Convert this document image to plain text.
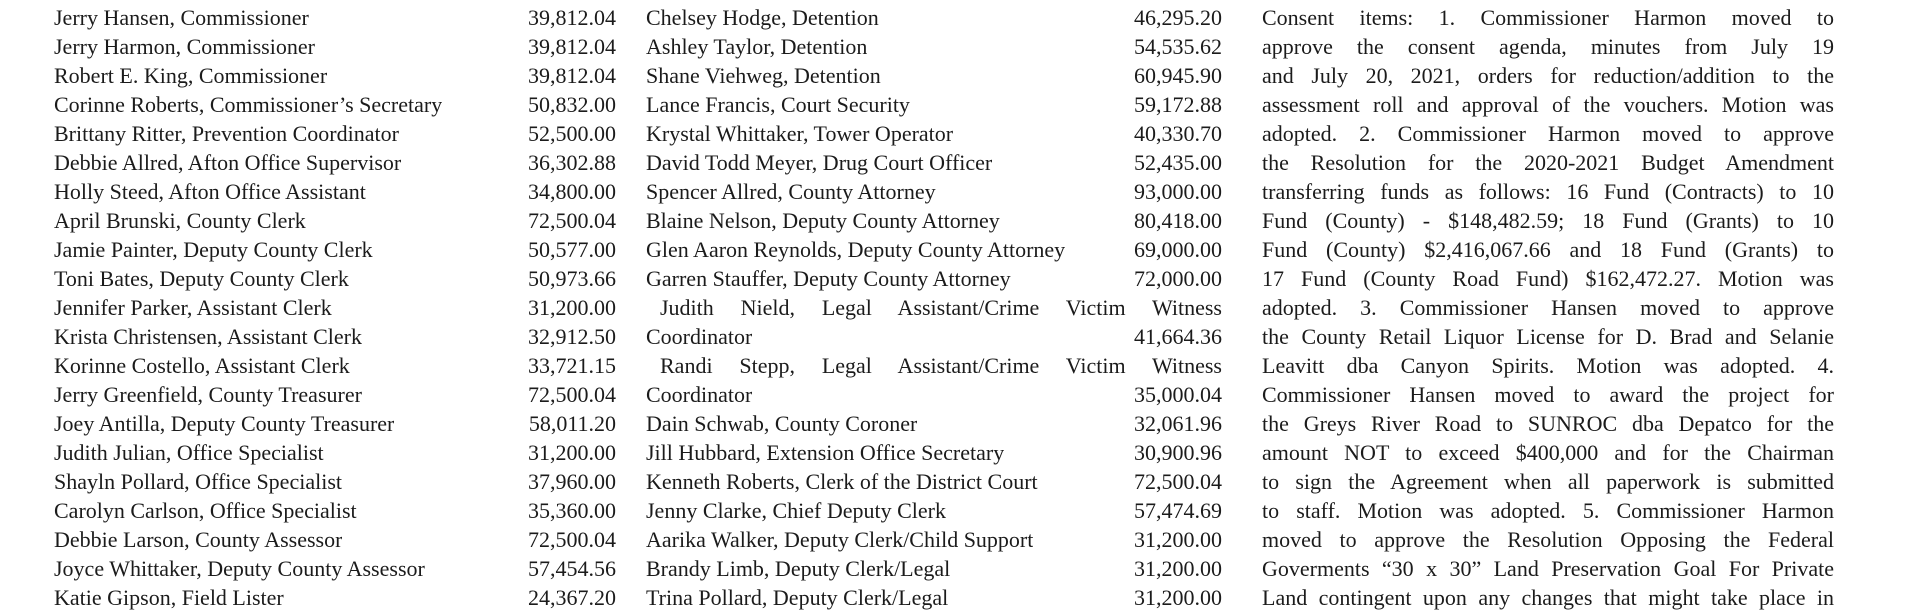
Jerry Hansen, Commissioner	39,812.04
Jerry Harmon, Commissioner	39,812.04
Robert E. King, Commissioner	39,812.04
Corinne Roberts, Commissioner’s Secretary	50,832.00
Brittany Ritter, Prevention Coordinator	52,500.00
Debbie Allred, Afton Office Supervisor	36,302.88
Holly Steed, Afton Office Assistant	34,800.00
April Brunski, County Clerk	72,500.04
Jamie Painter, Deputy County Clerk	50,577.00
Toni Bates, Deputy County Clerk	50,973.66
Jennifer Parker, Assistant Clerk	31,200.00
Krista Christensen, Assistant Clerk	32,912.50
Korinne Costello, Assistant Clerk	33,721.15
Jerry Greenfield, County Treasurer	72,500.04
Joey Antilla, Deputy County Treasurer	58,011.20
Judith Julian, Office Specialist	31,200.00
Shayln Pollard, Office Specialist	37,960.00
Carolyn Carlson, Office Specialist	35,360.00
Debbie Larson, County Assessor	72,500.04
Joyce Whittaker, Deputy County Assessor	57,454.56
Katie Gipson, Field Lister	24,367.20
Chelsey Hodge, Detention	46,295.20
Ashley Taylor, Detention	54,535.62
Shane Viehweg, Detention	60,945.90
Lance Francis, Court Security	59,172.88
Krystal Whittaker, Tower Operator	40,330.70
David Todd Meyer, Drug Court Officer	52,435.00
Spencer Allred, County Attorney	93,000.00
Blaine Nelson, Deputy County Attorney	80,418.00
Glen Aaron Reynolds, Deputy County Attorney	69,000.00
Garren Stauffer, Deputy County Attorney	72,000.00
Judith Nield, Legal Assistant/Crime Victim Witness
Coordinator	41,664.36
Randi Stepp, Legal Assistant/Crime Victim Witness
Coordinator	35,000.04
Dain Schwab, County Coroner	32,061.96
Jill Hubbard, Extension Office Secretary	30,900.96
Kenneth Roberts, Clerk of the District Court	72,500.04
Jenny Clarke, Chief Deputy Clerk	57,474.69
Aarika Walker, Deputy Clerk/Child Support	31,200.00
Brandy Limb, Deputy Clerk/Legal	31,200.00
Trina Pollard, Deputy Clerk/Legal	31,200.00
Consent items: 1. Commissioner Harmon moved to
approve the consent agenda, minutes from July 19
and July 20, 2021, orders for reduction/addition to the
assessment roll and approval of the vouchers. Motion was
adopted. 2. Commissioner Harmon moved to approve
the Resolution for the 2020-2021 Budget Amendment
transferring funds as follows: 16 Fund (Contracts) to 10
Fund (County) - $148,482.59; 18 Fund (Grants) to 10
Fund (County) $2,416,067.66 and 18 Fund (Grants) to
17 Fund (County Road Fund) $162,472.27. Motion was
adopted. 3. Commissioner Hansen moved to approve
the County Retail Liquor License for D. Brad and Selanie
Leavitt dba Canyon Spirits. Motion was adopted. 4.
Commissioner Hansen moved to award the project for
the Greys River Road to SUNROC dba Depatco for the
amount NOT to exceed $400,000 and for the Chairman
to sign the Agreement when all paperwork is submitted
to staff. Motion was adopted. 5. Commissioner Harmon
moved to approve the Resolution Opposing the Federal
Goverments “30 x 30” Land Preservation Goal For Private
Land contingent upon any changes that might take place in
